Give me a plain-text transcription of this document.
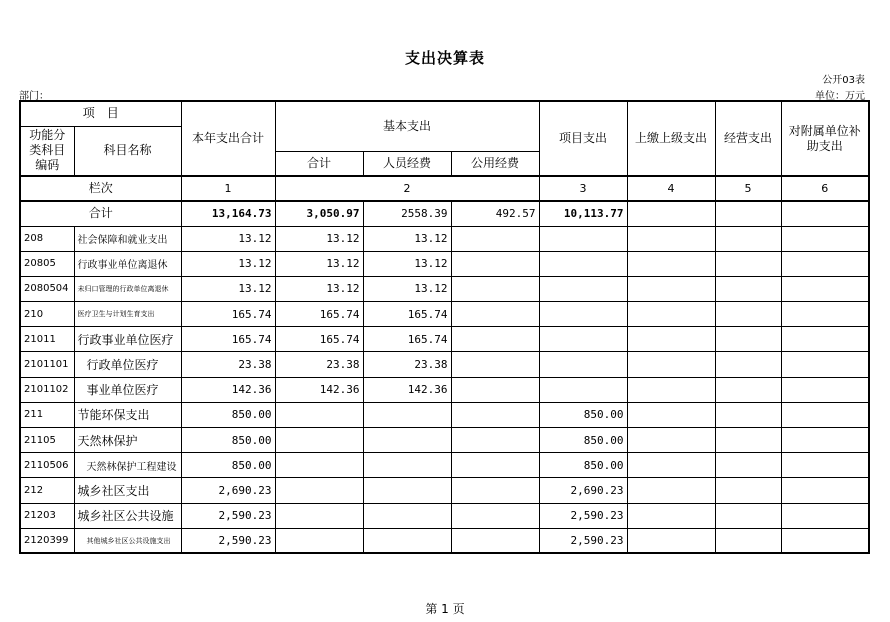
支出决算表
公开03表
部门：	单位：万元
项　目		本年支出合计	基本支出			项目支出	上缴上级支出	经营支出	对附属单位补助支出
功能分类科目编码	科目名称								
			合计	人员经费	公用经费				
栏次		1	2			3	4	5	6
合计		13,164.73	3,050.97	2558.39	492.57	10,113.77			
208	社会保障和就业支出	13.12	13.12	13.12					
20805	行政事业单位离退休	13.12	13.12	13.12					
2080504	未归口管理的行政单位离退休	13.12	13.12	13.12					
210	医疗卫生与计划生育支出	165.74	165.74	165.74					
21011	行政事业单位医疗	165.74	165.74	165.74					
2101101	行政单位医疗	23.38	23.38	23.38					
2101102	事业单位医疗	142.36	142.36	142.36					
211	节能环保支出	850.00				850.00			
21105	天然林保护	850.00				850.00			
2110506	天然林保护工程建设	850.00				850.00			
212	城乡社区支出	2,690.23				2,690.23			
21203	城乡社区公共设施	2,590.23				2,590.23			
2120399	其他城乡社区公共设施支出	2,590.23				2,590.23			
第 1 页
